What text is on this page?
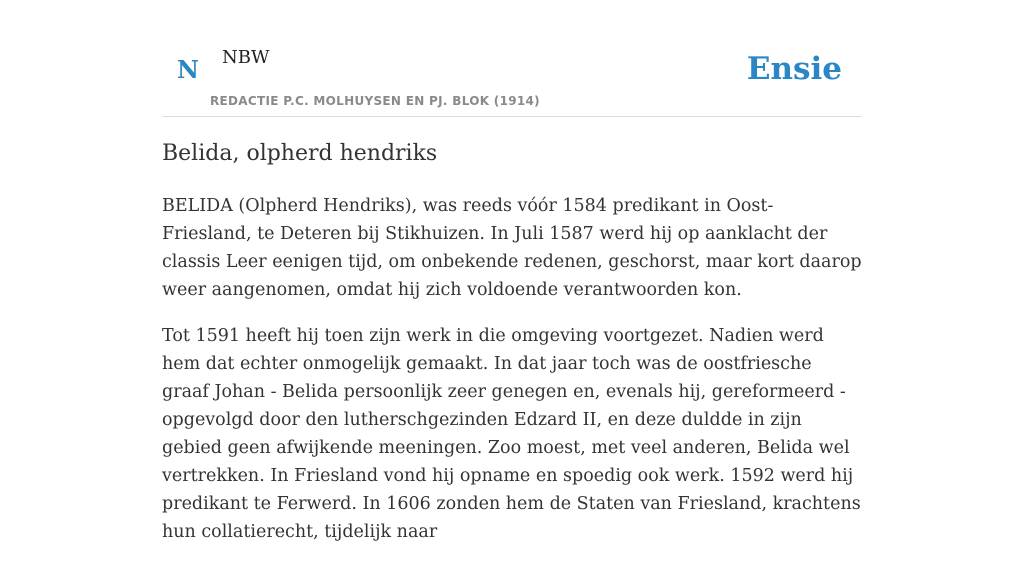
N NBW
REDACTIE P.C. MOLHUYSEN EN PJ. BLOK (1914)
Ensie
Belida, olpherd hendriks

BELIDA (Olpherd Hendriks), was reeds vóór 1584 predikant in Oost-Friesland, te Deteren bij Stikhuizen. In Juli 1587 werd hij op aanklacht der classis Leer eenigen tijd, om onbekende redenen, geschorst, maar kort daarop weer aangenomen, omdat hij zich voldoende verantwoorden kon.

Tot 1591 heeft hij toen zijn werk in die omgeving voortgezet. Nadien werd hem dat echter onmogelijk gemaakt. In dat jaar toch was de oostfriesche graaf Johan - Belida persoonlijk zeer genegen en, evenals hij, gereformeerd - opgevolgd door den lutherschgezinden Edzard II, en deze duldde in zijn gebied geen afwijkende meeningen. Zoo moest, met veel anderen, Belida wel vertrekken. In Friesland vond hij opname en spoedig ook werk. 1592 werd hij predikant te Ferwerd. In 1606 zonden hem de Staten van Friesland, krachtens hun collatierecht, tijdelijk naar
